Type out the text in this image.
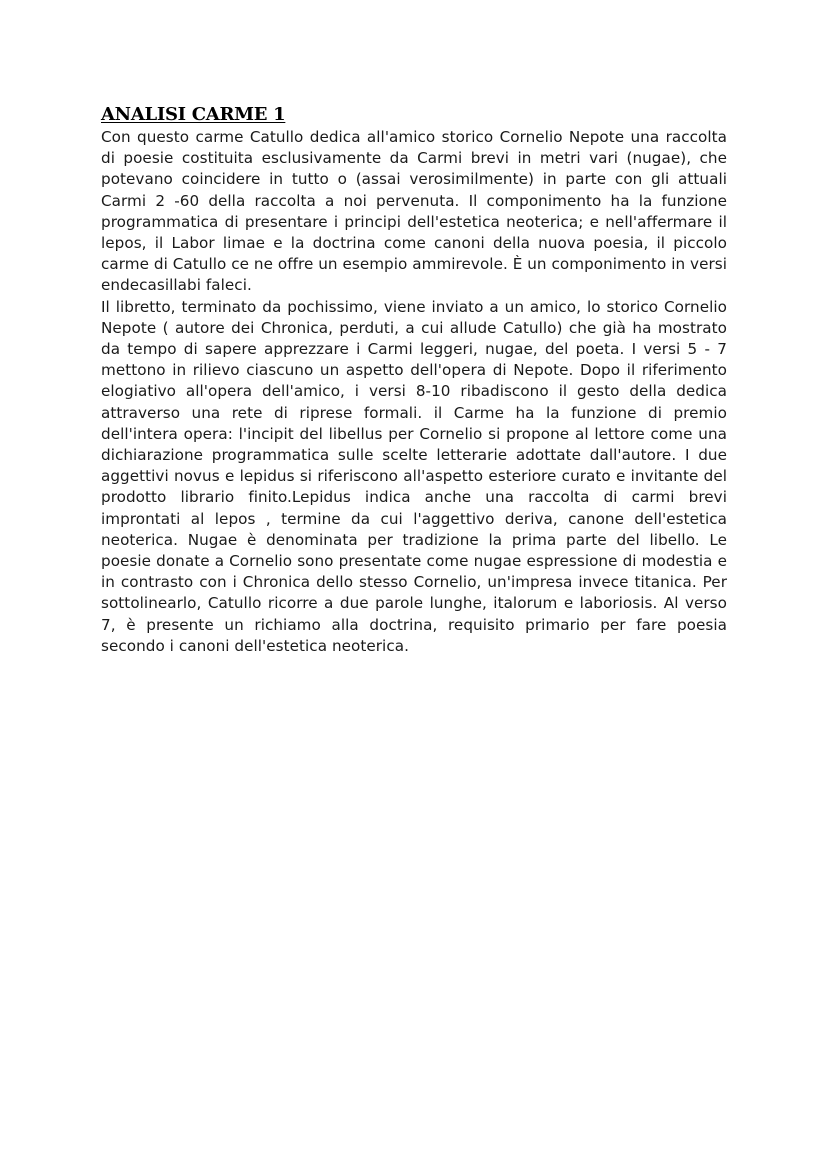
ANALISI CARME 1

Con questo carme Catullo dedica all'amico storico Cornelio Nepote una raccolta di poesie costituita esclusivamente da Carmi brevi in metri vari (nugae), che potevano coincidere in tutto o (assai verosimilmente) in parte con gli attuali Carmi 2 -60 della raccolta a noi pervenuta. Il componimento ha la funzione programmatica di presentare i principi dell'estetica neoterica; e nell'affermare il lepos, il Labor limae e la doctrina come canoni della nuova poesia, il piccolo carme di Catullo ce ne offre un esempio ammirevole. È un componimento in versi endecasillabi faleci.

Il libretto, terminato da pochissimo, viene inviato a un amico, lo storico Cornelio Nepote ( autore dei Chronica, perduti, a cui allude Catullo) che già ha mostrato da tempo di sapere apprezzare i Carmi leggeri, nugae, del poeta. I versi 5 - 7 mettono in rilievo ciascuno un aspetto dell'opera di Nepote. Dopo il riferimento elogiativo all'opera dell'amico, i versi 8-10 ribadiscono il gesto della dedica attraverso una rete di riprese formali. il Carme ha la funzione di premio dell'intera opera: l'incipit del libellus per Cornelio si propone al lettore come una dichiarazione programmatica sulle scelte letterarie adottate dall'autore. I due aggettivi novus e lepidus si riferiscono all'aspetto esteriore curato e invitante del prodotto librario finito.Lepidus indica anche una raccolta di carmi brevi improntati al lepos , termine da cui l'aggettivo deriva, canone dell'estetica neoterica. Nugae è denominata per tradizione la prima parte del libello. Le poesie donate a Cornelio sono presentate come nugae espressione di modestia e in contrasto con i Chronica dello stesso Cornelio, un'impresa invece titanica. Per sottolinearlo, Catullo ricorre a due parole lunghe, italorum e laboriosis. Al verso 7, è presente un richiamo alla doctrina, requisito primario per fare poesia secondo i canoni dell'estetica neoterica.
